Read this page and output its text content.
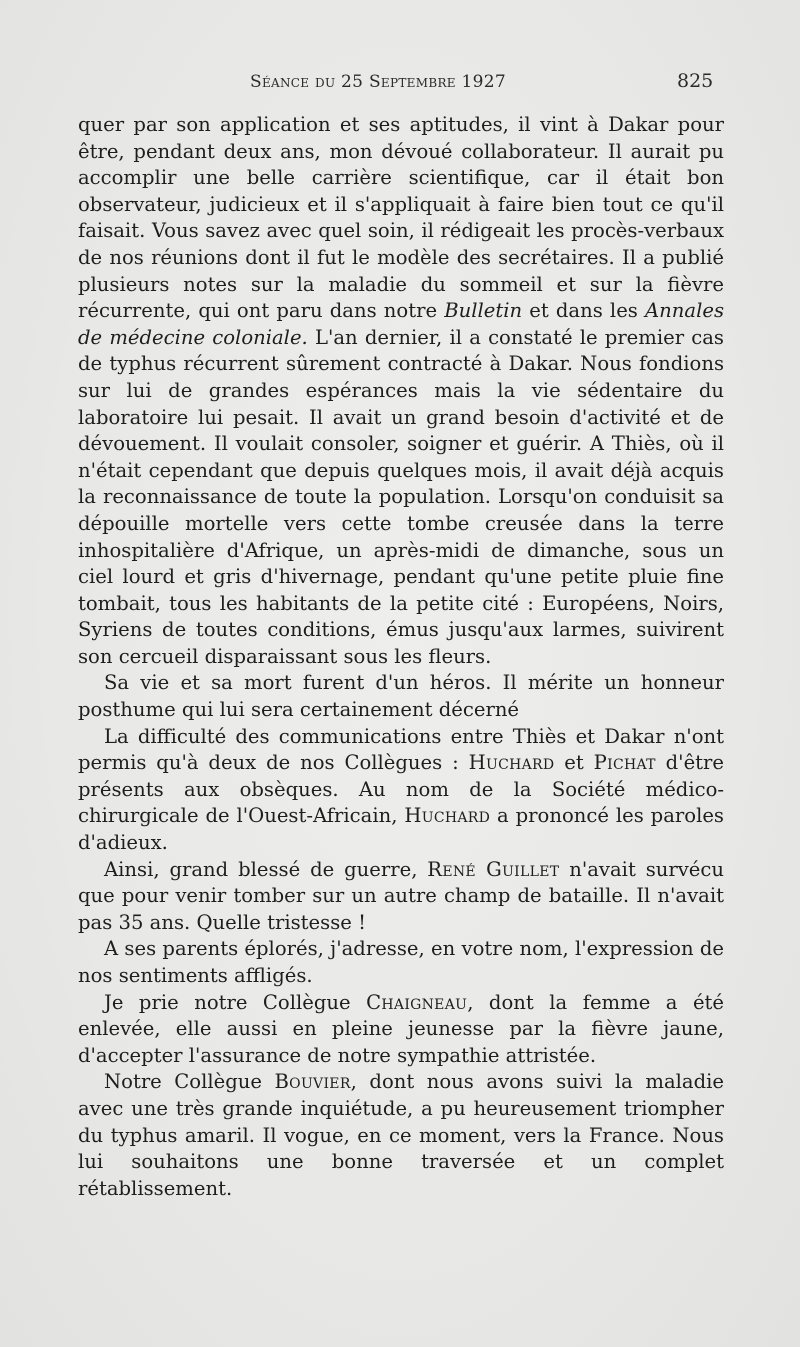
Séance du 25 Septembre 1927	825

quer par son application et ses aptitudes, il vint à Dakar pour être, pendant deux ans, mon dévoué collaborateur. Il aurait pu accomplir une belle carrière scientifique, car il était bon observateur, judicieux et il s'appliquait à faire bien tout ce qu'il faisait. Vous savez avec quel soin, il rédigeait les procès-verbaux de nos réunions dont il fut le modèle des secrétaires. Il a publié plusieurs notes sur la maladie du sommeil et sur la fièvre récurrente, qui ont paru dans notre Bulletin et dans les Annales de médecine coloniale. L'an dernier, il a constaté le premier cas de typhus récurrent sûrement contracté à Dakar. Nous fondions sur lui de grandes espérances mais la vie sédentaire du laboratoire lui pesait. Il avait un grand besoin d'activité et de dévouement. Il voulait consoler, soigner et guérir. A Thiès, où il n'était cependant que depuis quelques mois, il avait déjà acquis la reconnaissance de toute la population. Lorsqu'on conduisit sa dépouille mortelle vers cette tombe creusée dans la terre inhospitalière d'Afrique, un après-midi de dimanche, sous un ciel lourd et gris d'hivernage, pendant qu'une petite pluie fine tombait, tous les habitants de la petite cité : Européens, Noirs, Syriens de toutes conditions, émus jusqu'aux larmes, suivirent son cercueil disparaissant sous les fleurs.

Sa vie et sa mort furent d'un héros. Il mérite un honneur posthume qui lui sera certainement décerné

La difficulté des communications entre Thiès et Dakar n'ont permis qu'à deux de nos Collègues : Huchard et Pichat d'être présents aux obsèques. Au nom de la Société médico-chirurgicale de l'Ouest-Africain, Huchard a prononcé les paroles d'adieux.

Ainsi, grand blessé de guerre, René Guillet n'avait survécu que pour venir tomber sur un autre champ de bataille. Il n'avait pas 35 ans. Quelle tristesse !

A ses parents éplorés, j'adresse, en votre nom, l'expression de nos sentiments affligés.

Je prie notre Collègue Chaigneau, dont la femme a été enlevée, elle aussi en pleine jeunesse par la fièvre jaune, d'accepter l'assurance de notre sympathie attristée.

Notre Collègue Bouvier, dont nous avons suivi la maladie avec une très grande inquiétude, a pu heureusement triompher du typhus amaril. Il vogue, en ce moment, vers la France. Nous lui souhaitons une bonne traversée et un complet rétablissement.
